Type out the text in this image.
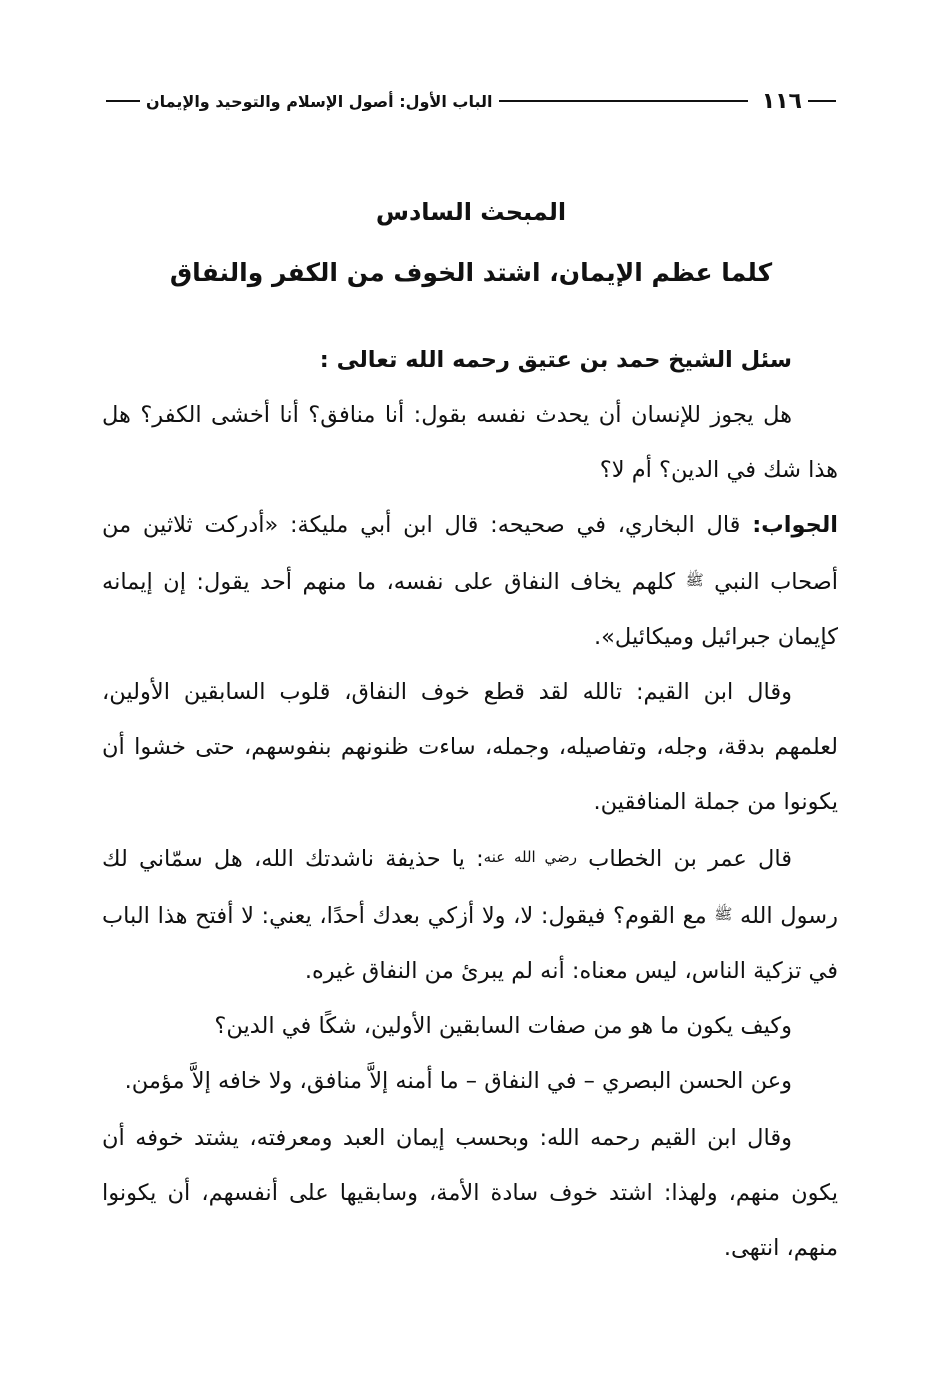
١١٦
الباب الأول: أصول الإسلام والتوحيد والإيمان
المبحث السادس
كلما عظم الإيمان، اشتد الخوف من الكفر والنفاق

سئل الشيخ حمد بن عتيق رحمه الله تعالى :

هل يجوز للإنسان أن يحدث نفسه بقول: أنا منافق؟ أنا أخشى الكفر؟ هل هذا شك في الدين؟ أم لا؟

الجواب: قال البخاري، في صحيحه: قال ابن أبي مليكة: «أدركت ثلاثين من أصحاب النبي ﷺ كلهم يخاف النفاق على نفسه، ما منهم أحد يقول: إن إيمانه كإيمان جبرائيل وميكائيل».

وقال ابن القيم: تالله لقد قطع خوف النفاق، قلوب السابقين الأولين، لعلمهم بدقة، وجله، وتفاصيله، وجمله، ساءت ظنونهم بنفوسهم، حتى خشوا أن يكونوا من جملة المنافقين.

قال عمر بن الخطاب رضي الله عنه: يا حذيفة ناشدتك الله، هل سمّاني لك رسول الله ﷺ مع القوم؟ فيقول: لا، ولا أزكي بعدك أحدًا، يعني: لا أفتح هذا الباب في تزكية الناس، ليس معناه: أنه لم يبرئ من النفاق غيره.

وكيف يكون ما هو من صفات السابقين الأولين، شكًا في الدين؟

وعن الحسن البصري – في النفاق – ما أمنه إلاَّ منافق، ولا خافه إلاَّ مؤمن.

وقال ابن القيم رحمه الله: وبحسب إيمان العبد ومعرفته، يشتد خوفه أن يكون منهم، ولهذا: اشتد خوف سادة الأمة، وسابقيها على أنفسهم، أن يكونوا منهم، انتهى.
